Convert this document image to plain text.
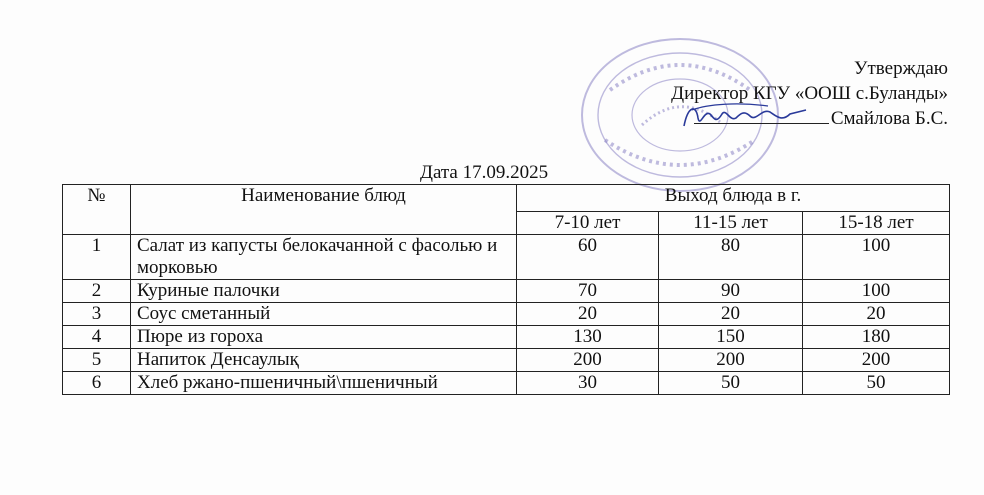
Утверждаю
Директор КГУ «ООШ с.Буланды»
Смайлова Б.С.
Дата 17.09.2025
№	Наименование блюд	Выход блюда в г.		
		7-10 лет	11-15 лет	15-18 лет
1	Салат из капусты белокачанной с фасолью и морковью	60	80	100
2	Куриные палочки	70	90	100
3	Соус сметанный	20	20	20
4	Пюре из гороха	130	150	180
5	Напиток Денсаулық	200	200	200
6	Хлеб ржано-пшеничный\пшеничный	30	50	50
